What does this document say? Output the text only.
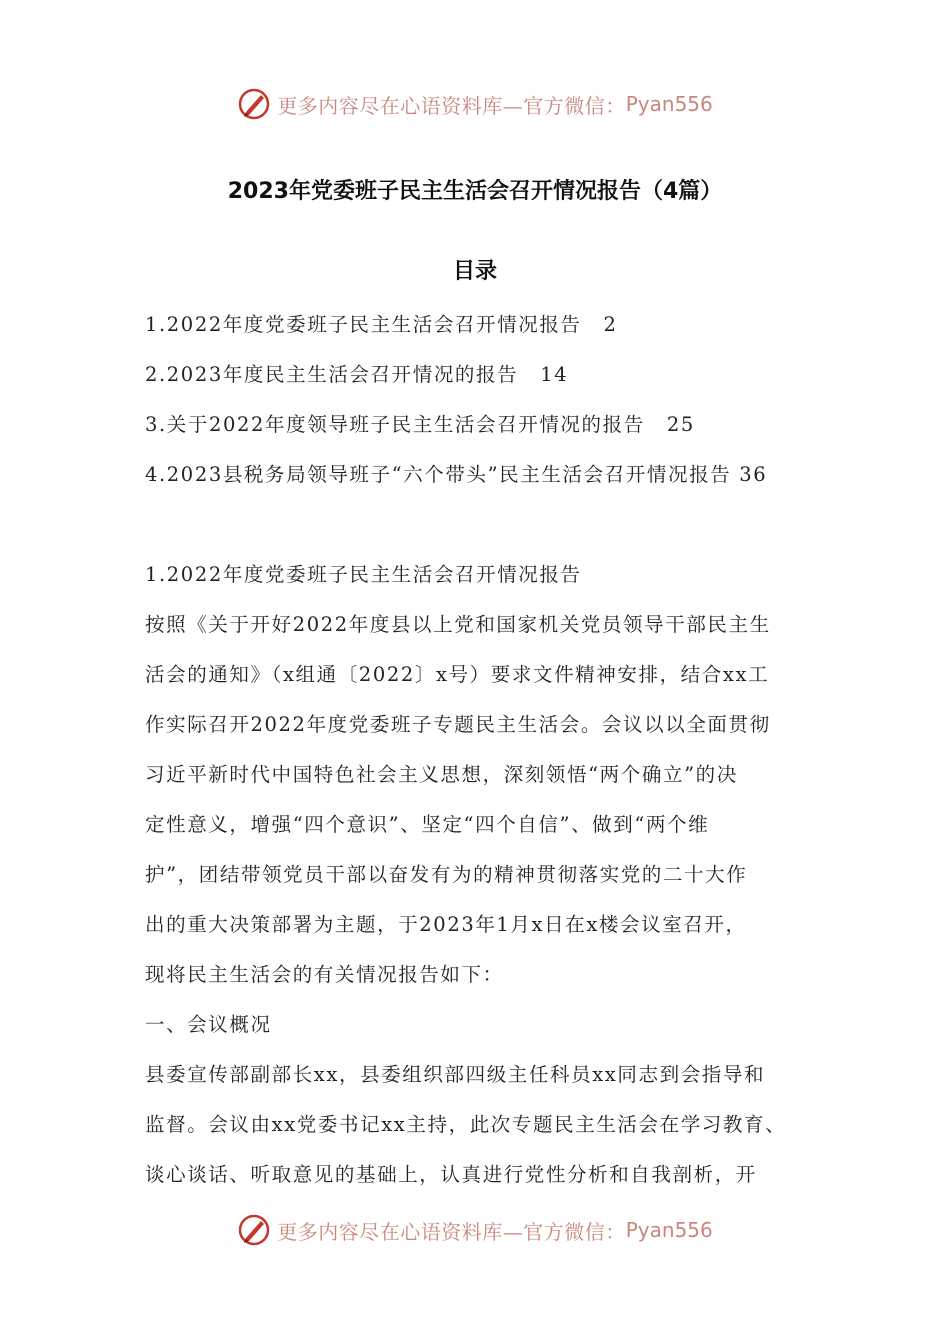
更多内容尽在心语资料库—官方微信： Pyan556
2023年党委班子民主生活会召开情况报告（4篇）
目录
1.2022年度党委班子民主生活会召开情况报告 2
2.2023年度民主生活会召开情况的报告 14
3.关于2022年度领导班子民主生活会召开情况的报告 25
4.2023县税务局领导班子“六个带头”民主生活会召开情况报告 36
1.2022年度党委班子民主生活会召开情况报告
按照《关于开好2022年度县以上党和国家机关党员领导干部民主生
活会的通知》（x组通〔2022〕x号）要求文件精神安排，结合xx工
作实际召开2022年度党委班子专题民主生活会。会议以以全面贯彻
习近平新时代中国特色社会主义思想，深刻领悟“两个确立”的决
定性意义，增强“四个意识”、坚定“四个自信”、做到“两个维
护”，团结带领党员干部以奋发有为的精神贯彻落实党的二十大作
出的重大决策部署为主题，于2023年1月x日在x楼会议室召开，
现将民主生活会的有关情况报告如下：
一、会议概况
县委宣传部副部长xx，县委组织部四级主任科员xx同志到会指导和
监督。会议由xx党委书记xx主持，此次专题民主生活会在学习教育、
谈心谈话、听取意见的基础上，认真进行党性分析和自我剖析，开
更多内容尽在心语资料库—官方微信： Pyan556
